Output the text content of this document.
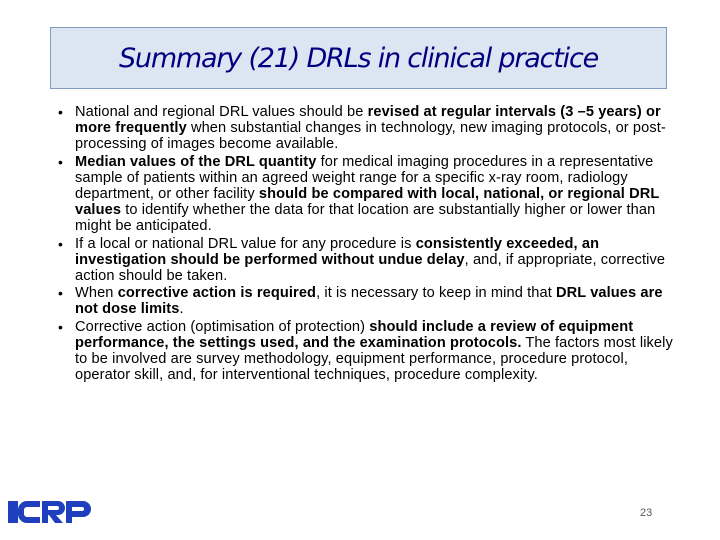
Summary (21) DRLs in clinical practice
• National and regional DRL values should be revised at regular intervals (3 –5 years) or more frequently when substantial changes in technology, new imaging protocols, or post-processing of images become available.
• Median values of the DRL quantity for medical imaging procedures in a representative sample of patients within an agreed weight range for a specific x-ray room, radiology department, or other facility should be compared with local, national, or regional DRL values to identify whether the data for that location are substantially higher or lower than might be anticipated.
• If a local or national DRL value for any procedure is consistently exceeded, an investigation should be performed without undue delay, and, if appropriate, corrective action should be taken.
• When corrective action is required, it is necessary to keep in mind that DRL values are not dose limits.
• Corrective action (optimisation of protection) should include a review of equipment performance, the settings used, and the examination protocols. The factors most likely to be involved are survey methodology, equipment performance, procedure protocol, operator skill, and, for interventional techniques, procedure complexity.
23
